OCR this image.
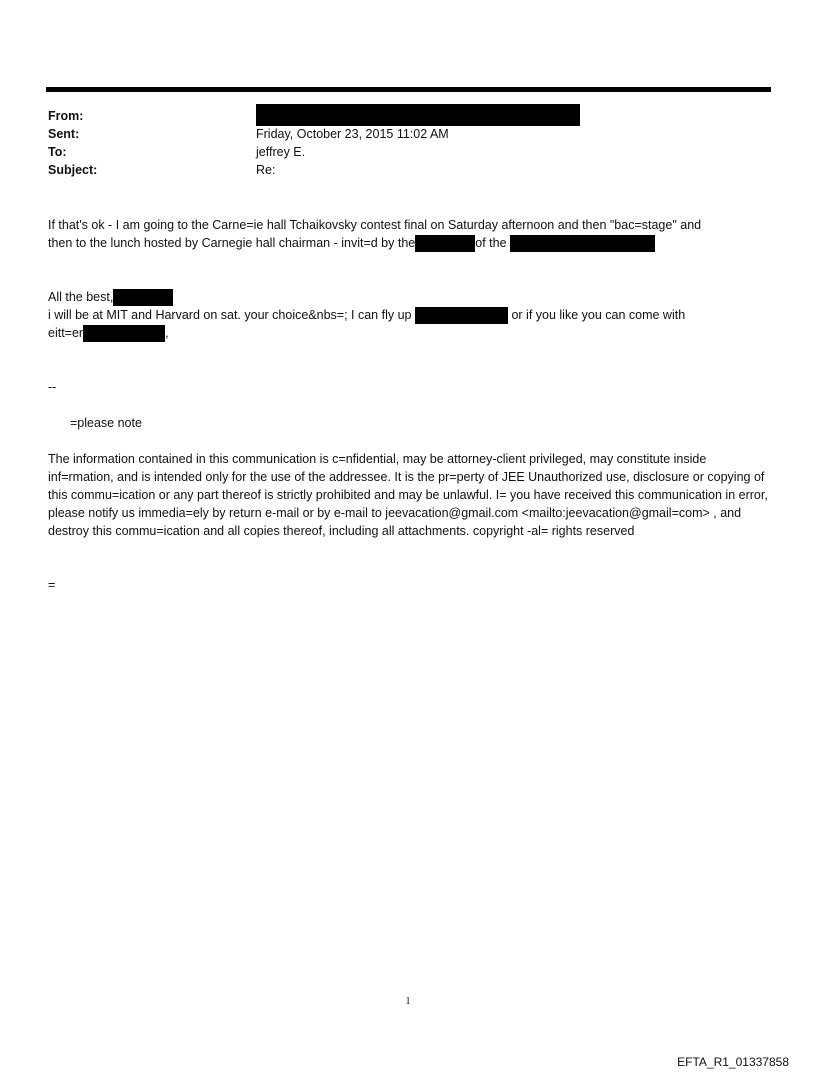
From:
Sent:	Friday, October 23, 2015 11:02 AM
To:	jeffrey E.
Subject:	Re:
If that's ok - I am going to the Carne=ie hall Tchaikovsky contest final on Saturday afternoon and then "bac=stage" and
then to the lunch hosted by Carnegie hall chairman - invit=d by the	of the
All the best,
i will be at MIT and Harvard on sat. your choice&nbs=; I can fly up	or if you like you can come with
eitt=er	,
--
=please note
The information contained in this communication is c=nfidential, may be attorney-client privileged, may constitute inside inf=rmation, and is intended only for the use of the addressee. It is the pr=perty of JEE Unauthorized use, disclosure or copying of this commu=ication or any part thereof is strictly prohibited and may be unlawful. I= you have received this communication in error, please notify us immedia=ely by return e-mail or by e-mail to jeevacation@gmail.com <mailto:jeevacation@gmail=com> , and destroy this commu=ication and all copies thereof, including all attachments. copyright -al= rights reserved
=
1
EFTA_R1_01337858
